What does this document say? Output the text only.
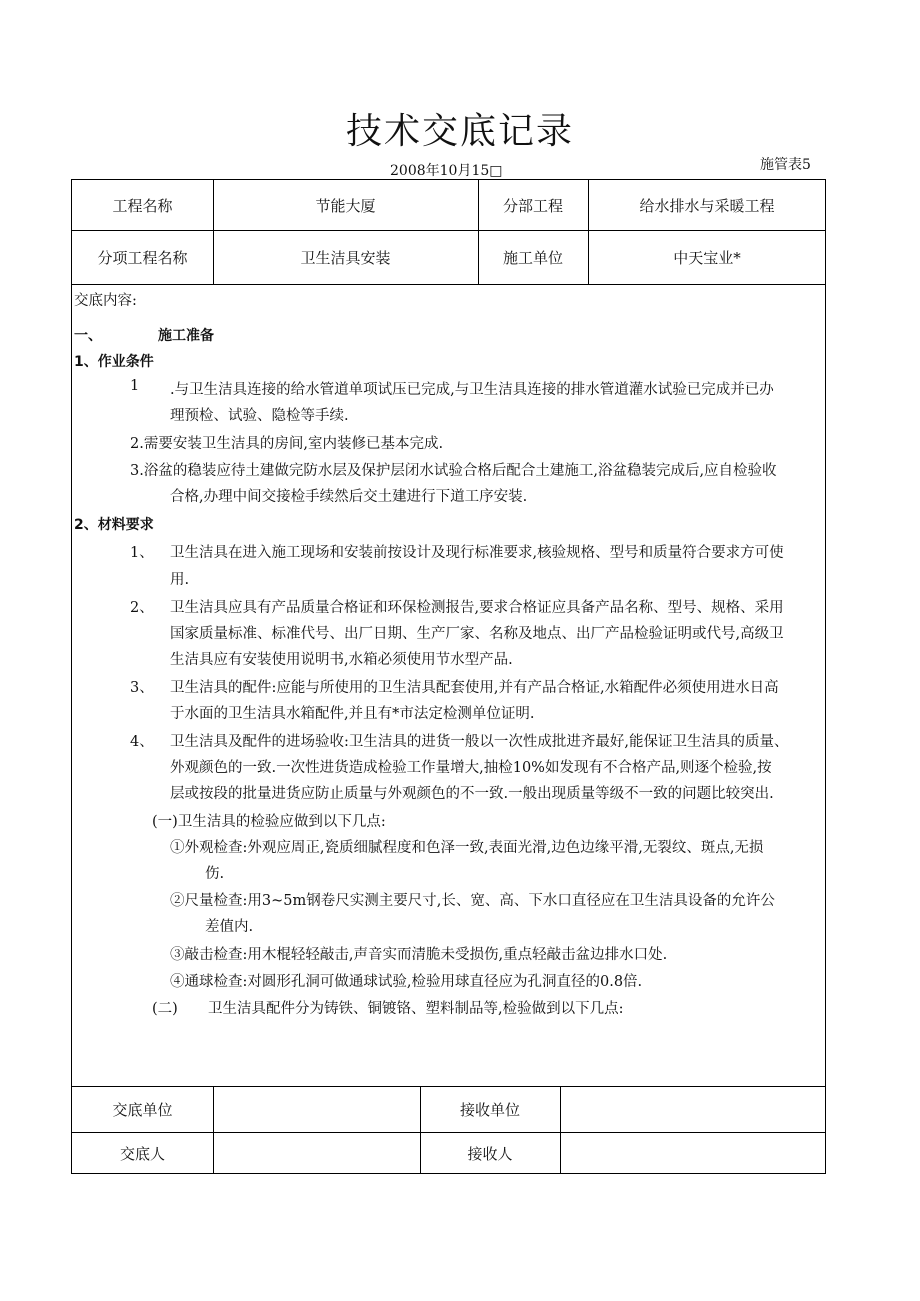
技术交底记录
2008年10月15□	施管表5
工程名称	节能大厦	分部工程	给水排水与采暖工程
分项工程名称	卫生洁具安装	施工单位	中天宝业*
交底内容:
一、	施工准备
1、作业条件
1 .与卫生洁具连接的给水管道单项试压已完成,与卫生洁具连接的排水管道灌水试验已完成并已办
理预检、试验、隐检等手续.
2.需要安装卫生洁具的房间,室内装修已基本完成.
3.浴盆的稳装应待土建做完防水层及保护层闭水试验合格后配合土建施工,浴盆稳装完成后,应自检验收
合格,办理中间交接检手续然后交土建进行下道工序安装.
2、材料要求
1、 卫生洁具在进入施工现场和安装前按设计及现行标准要求,核验规格、型号和质量符合要求方可使
用.
2、 卫生洁具应具有产品质量合格证和环保检测报告,要求合格证应具备产品名称、型号、规格、采用
国家质量标准、标准代号、出厂日期、生产厂家、名称及地点、出厂产品检验证明或代号,高级卫
生洁具应有安装使用说明书,水箱必须使用节水型产品.
3、 卫生洁具的配件:应能与所使用的卫生洁具配套使用,并有产品合格证,水箱配件必须使用进水日高
于水面的卫生洁具水箱配件,并且有*市法定检测单位证明.
4、 卫生洁具及配件的进场验收:卫生洁具的进货一般以一次性成批进齐最好,能保证卫生洁具的质量、
外观颜色的一致.一次性进货造成检验工作量增大,抽检10%如发现有不合格产品,则逐个检验,按
层或按段的批量进货应防止质量与外观颜色的不一致.一般出现质量等级不一致的问题比较突出.
(一)卫生洁具的检验应做到以下几点:
①外观检查:外观应周正,瓷质细腻程度和色泽一致,表面光滑,边色边缘平滑,无裂纹、斑点,无损
伤.
②尺量检查:用3~5m钢卷尺实测主要尺寸,长、宽、高、下水口直径应在卫生洁具设备的允许公
差值内.
③敲击检查:用木棍轻轻敲击,声音实而清脆未受损伤,重点轻敲击盆边排水口处.
④通球检查:对圆形孔洞可做通球试验,检验用球直径应为孔洞直径的0.8倍.
(二) 卫生洁具配件分为铸铁、铜镀铬、塑料制品等,检验做到以下几点:
交底单位	接收单位
交底人	接收人
